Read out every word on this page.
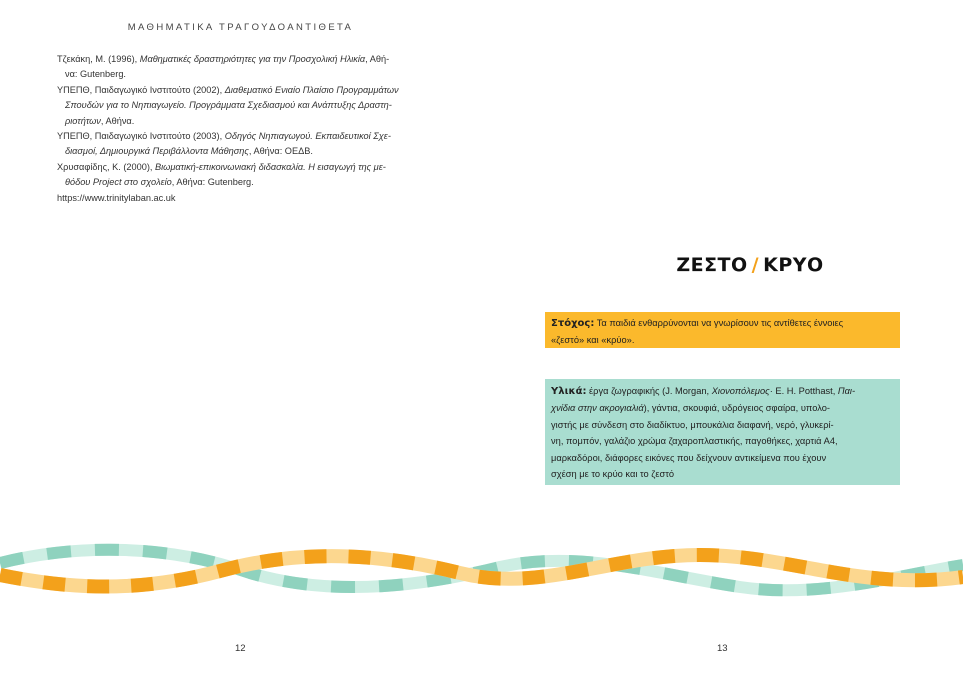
ΜΑΘΗΜΑΤΙΚΑ ΤΡΑΓΟΥΔΟΑΝΤΙΘΕΤΑ

Τζεκάκη, Μ. (1996), Μαθηματικές δραστηριότητες για την Προσχολική Ηλικία, Αθή-
να: Gutenberg.

ΥΠΕΠΘ, Παιδαγωγικό Ινστιτούτο (2002), Διαθεματικό Ενιαίο Πλαίσιο Προγραμμάτων
Σπουδών για το Νηπιαγωγείο. Προγράμματα Σχεδιασμού και Ανάπτυξης Δραστη-
ριοτήτων, Αθήνα.

ΥΠΕΠΘ, Παιδαγωγικό Ινστιτούτο (2003), Οδηγός Νηπιαγωγού. Εκπαιδευτικοί Σχε-
διασμοί, Δημιουργικά Περιβάλλοντα Μάθησης, Αθήνα: ΟΕΔΒ.

Χρυσαφίδης, Κ. (2000), Βιωματική-επικοινωνιακή διδασκαλία. Η εισαγωγή της με-
θόδου Project στο σχολείο, Αθήνα: Gutenberg.

https://www.trinitylaban.ac.uk

12
ΖΕΣΤΟ / ΚΡΥΟ
Στόχος: Τα παιδιά ενθαρρύνονται να γνωρίσουν τις αντίθετες έννοιες
«ζεστό» και «κρύο».
Υλικά: έργα ζωγραφικής (J. Morgan, Χιονοπόλεμος· E. H. Potthast, Παι-
χνίδια στην ακρογιαλιά), γάντια, σκουφιά, υδρόγειος σφαίρα, υπολο-
γιστής με σύνδεση στο διαδίκτυο, μπουκάλια διαφανή, νερό, γλυκερί-
νη, πομπόν, γαλάζιο χρώμα ζαχαροπλαστικής, παγοθήκες, χαρτιά Α4,
μαρκαδόροι, διάφορες εικόνες που δείχνουν αντικείμενα που έχουν
σχέση με το κρύο και το ζεστό
13
